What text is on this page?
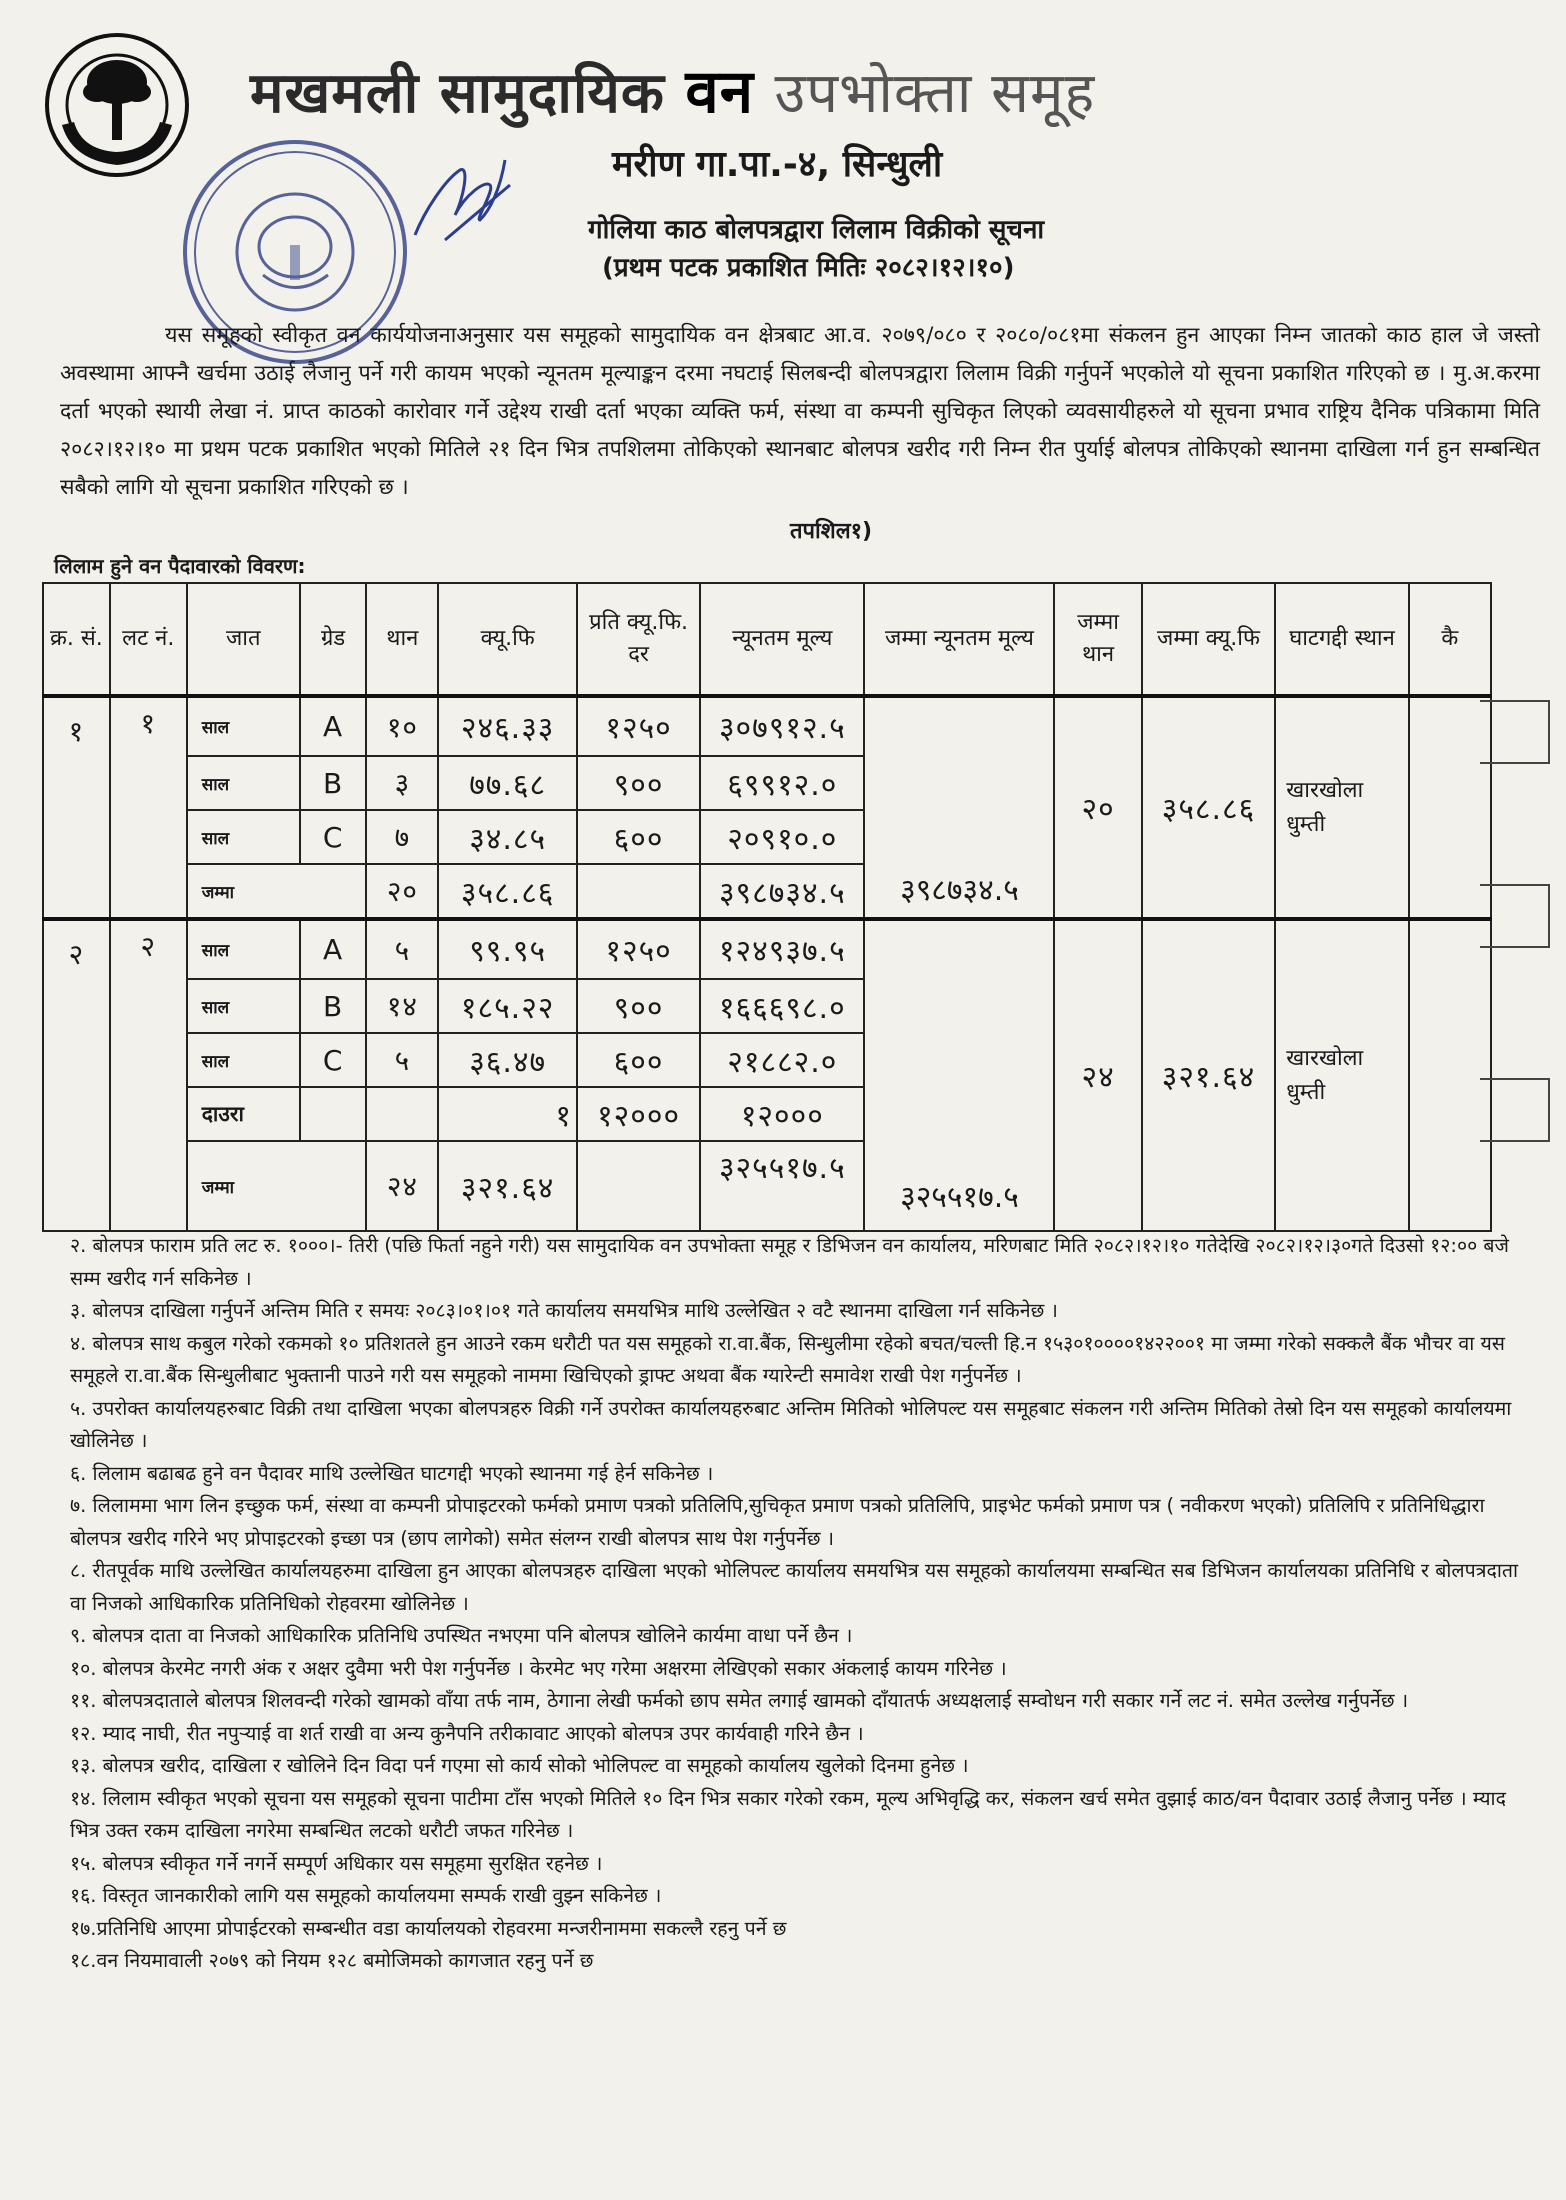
मखमली सामुदायिक वन उपभोक्ता समूह
मरीण गा.पा.-४, सिन्धुली
गोलिया काठ बोलपत्रद्वारा लिलाम विक्रीको सूचना
(प्रथम पटक प्रकाशित मितिः २०८२।१२।१०)

यस समूहको स्वीकृत वन कार्ययोजनाअनुसार यस समूहको सामुदायिक वन क्षेत्रबाट आ.व. २०७९/०८० र २०८०/०८१मा संकलन हुन आएका निम्न जातको काठ हाल जे जस्तो अवस्थामा आफ्नै खर्चमा उठाई लैजानु पर्ने गरी कायम भएको न्यूनतम मूल्याङ्कन दरमा नघटाई सिलबन्दी बोलपत्रद्वारा लिलाम विक्री गर्नुपर्ने भएकोले यो सूचना प्रकाशित गरिएको छ । मु.अ.करमा दर्ता भएको स्थायी लेखा नं. प्राप्त काठको कारोवार गर्ने उद्देश्य राखी दर्ता भएका व्यक्ति फर्म, संस्था वा कम्पनी सुचिकृत लिएको व्यवसायीहरुले यो सूचना प्रभाव राष्ट्रिय दैनिक पत्रिकामा मिति २०८२।१२।१० मा प्रथम पटक प्रकाशित भएको मितिले २१ दिन भित्र तपशिलमा तोकिएको स्थानबाट बोलपत्र खरीद गरी निम्न रीत पुर्याई बोलपत्र तोकिएको स्थानमा दाखिला गर्न हुन सम्बन्धित सबैको लागि यो सूचना प्रकाशित गरिएको छ ।

तपशिल१)
लिलाम हुने वन पैदावारको विवरण:
क्र. सं.	लट नं.	जात	ग्रेड	थान	क्यू.फि	प्रति क्यू.फि. दर	न्यूनतम मूल्य	जम्मा न्यूनतम मूल्य	जम्मा थान	जम्मा क्यू.फि	घाटगद्दी स्थान	कै
१	१	साल	A	१०	२४६.३३	१२५०	३०७९१२.५	३९८७३४.५	२०	३५८.८६	खारखोला धुम्ती	
		साल	B	३	७७.६८	९००	६९९१२.०					
		साल	C	७	३४.८५	६००	२०९१०.०					
		जम्मा		२०	३५८.८६		३९८७३४.५					
२	२	साल	A	५	९९.९५	१२५०	१२४९३७.५	३२५५१७.५	२४	३२१.६४	खारखोला धुम्ती	
		साल	B	१४	१८५.२२	९००	१६६६९८.०					
		साल	C	५	३६.४७	६००	२१८८२.०					
		दाउरा			१	१२०००	१२०००					
		जम्मा		२४	३२१.६४		३२५५१७.५					

२. बोलपत्र फाराम प्रति लट रु. १०००।- तिरी (पछि फिर्ता नहुने गरी) यस सामुदायिक वन उपभोक्ता समूह र डिभिजन वन कार्यालय, मरिणबाट मिति २०८२।१२।१० गतेदेखि २०८२।१२।३०गते दिउसो १२:०० बजे सम्म खरीद गर्न सकिनेछ ।

३. बोलपत्र दाखिला गर्नुपर्ने अन्तिम मिति र समयः २०८३।०१।०१ गते कार्यालय समयभित्र माथि उल्लेखित २ वटै स्थानमा दाखिला गर्न सकिनेछ ।

४. बोलपत्र साथ कबुल गरेको रकमको १० प्रतिशतले हुन आउने रकम धरौटी पत यस समूहको रा.वा.बैंक, सिन्धुलीमा रहेको बचत/चल्ती हि.न १५३०१००००१४२२००१ मा जम्मा गरेको सक्कलै बैंक भौचर वा यस समूहले रा.वा.बैंक सिन्धुलीबाट भुक्तानी पाउने गरी यस समूहको नाममा खिचिएको ड्राफ्ट अथवा बैंक ग्यारेन्टी समावेश राखी पेश गर्नुपर्नेछ ।

५. उपरोक्त कार्यालयहरुबाट विक्री तथा दाखिला भएका बोलपत्रहरु विक्री गर्ने उपरोक्त कार्यालयहरुबाट अन्तिम मितिको भोलिपल्ट यस समूहबाट संकलन गरी अन्तिम मितिको तेस्रो दिन यस समूहको कार्यालयमा खोलिनेछ ।

६. लिलाम बढाबढ हुने वन पैदावर माथि उल्लेखित घाटगद्दी भएको स्थानमा गई हेर्न सकिनेछ ।

७. लिलाममा भाग लिन इच्छुक फर्म, संस्था वा कम्पनी प्रोपाइटरको फर्मको प्रमाण पत्रको प्रतिलिपि,सुचिकृत प्रमाण पत्रको प्रतिलिपि, प्राइभेट फर्मको प्रमाण पत्र ( नवीकरण भएको) प्रतिलिपि र प्रतिनिधिद्धारा बोलपत्र खरीद गरिने भए प्रोपाइटरको इच्छा पत्र (छाप लागेको) समेत संलग्न राखी बोलपत्र साथ पेश गर्नुपर्नेछ ।

८. रीतपूर्वक माथि उल्लेखित कार्यालयहरुमा दाखिला हुन आएका बोलपत्रहरु दाखिला भएको भोलिपल्ट कार्यालय समयभित्र यस समूहको कार्यालयमा सम्बन्धित सब डिभिजन कार्यालयका प्रतिनिधि र बोलपत्रदाता वा निजको आधिकारिक प्रतिनिधिको रोहवरमा खोलिनेछ ।

९. बोलपत्र दाता वा निजको आधिकारिक प्रतिनिधि उपस्थित नभएमा पनि बोलपत्र खोलिने कार्यमा वाधा पर्ने छैन ।

१०. बोलपत्र केरमेट नगरी अंक र अक्षर दुवैमा भरी पेश गर्नुपर्नेछ । केरमेट भए गरेमा अक्षरमा लेखिएको सकार अंकलाई कायम गरिनेछ ।

११. बोलपत्रदाताले बोलपत्र शिलवन्दी गरेको खामको वाँया तर्फ नाम, ठेगाना लेखी फर्मको छाप समेत लगाई खामको दाँयातर्फ अध्यक्षलाई सम्वोधन गरी सकार गर्ने लट नं. समेत उल्लेख गर्नुपर्नेछ ।

१२. म्याद नाघी, रीत नपुऱ्याई वा शर्त राखी वा अन्य कुनैपनि तरीकावाट आएको बोलपत्र उपर कार्यवाही गरिने छैन ।

१३. बोलपत्र खरीद, दाखिला र खोलिने दिन विदा पर्न गएमा सो कार्य सोको भोलिपल्ट वा समूहको कार्यालय खुलेको दिनमा हुनेछ ।

१४. लिलाम स्वीकृत भएको सूचना यस समूहको सूचना पाटीमा टाँस भएको मितिले १० दिन भित्र सकार गरेको रकम, मूल्य अभिवृद्धि कर, संकलन खर्च समेत वुझाई काठ/वन पैदावार उठाई लैजानु पर्नेछ । म्याद भित्र उक्त रकम दाखिला नगरेमा सम्बन्धित लटको धरौटी जफत गरिनेछ ।

१५. बोलपत्र स्वीकृत गर्ने नगर्ने सम्पूर्ण अधिकार यस समूहमा सुरक्षित रहनेछ ।

१६. विस्तृत जानकारीको लागि यस समूहको कार्यालयमा सम्पर्क राखी वुझ्न सकिनेछ ।

१७.प्रतिनिधि आएमा प्रोपाईटरको सम्बन्धीत वडा कार्यालयको रोहवरमा मन्जरीनाममा सकल्लै रहनु पर्ने छ

१८.वन नियमावाली २०७९ को नियम १२८ बमोजिमको कागजात रहनु पर्ने छ
